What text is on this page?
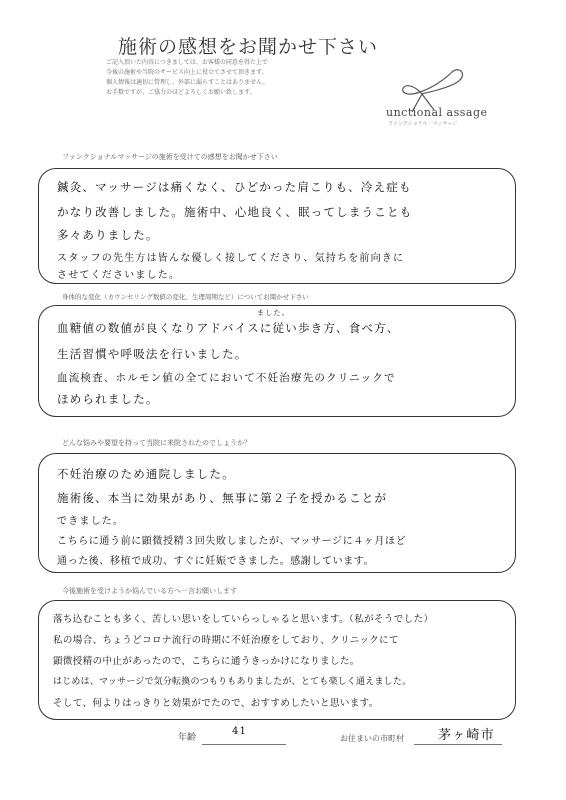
施術の感想をお聞かせ下さい
ご記入頂いた内容につきましては、お客様の同意を得た上で
今後の施術や当院のサービス向上に役立てさせて頂きます。
個人情報は適切に管理し、外部に漏らすことはありません。
お手数ですが、ご協力のほどよろしくお願い致します。
unctional assage
ファンクショナル・マッサージ
ファンクショナルマッサージの施術を受けての感想をお聞かせ下さい
鍼灸、マッサージは痛くなく、ひどかった肩こりも、冷え症も
かなり改善しました。施術中、心地良く、眠ってしまうことも
多々ありました。
スタッフの先生方は皆んな優しく接してくださり、気持ちを前向きに
させてくださいました。
身体的な変化（カウンセリング数値の変化、生理周期など）についてお聞かせ下さい
ました。
血糖値の数値が良くなりアドバイスに従い歩き方、食べ方、
生活習慣や呼吸法を行いました。
血流検査、ホルモン値の全てにおいて不妊治療先のクリニックで
ほめられました。
どんな悩みや要望を持って当院に来院されたのでしょうか？
不妊治療のため通院しました。
施術後、本当に効果があり、無事に第２子を授かることが
できました。
こちらに通う前に顕微授精３回失敗しましたが、マッサージに４ヶ月ほど
通った後、移植で成功、すぐに妊娠できました。感謝しています。
今後施術を受けようか悩んでいる方へ一言お願いします
落ち込むことも多く、苦しい思いをしていらっしゃると思います。（私がそうでした）
私の場合、ちょうどコロナ流行の時期に不妊治療をしており、クリニックにて
顕微授精の中止があったので、こちらに通うきっかけになりました。
はじめは、マッサージで気分転換のつもりもありましたが、とても楽しく通えました。
そして、何よりはっきりと効果がでたので、おすすめしたいと思います。
年齢
41
お住まいの市町村	茅ヶ崎市
